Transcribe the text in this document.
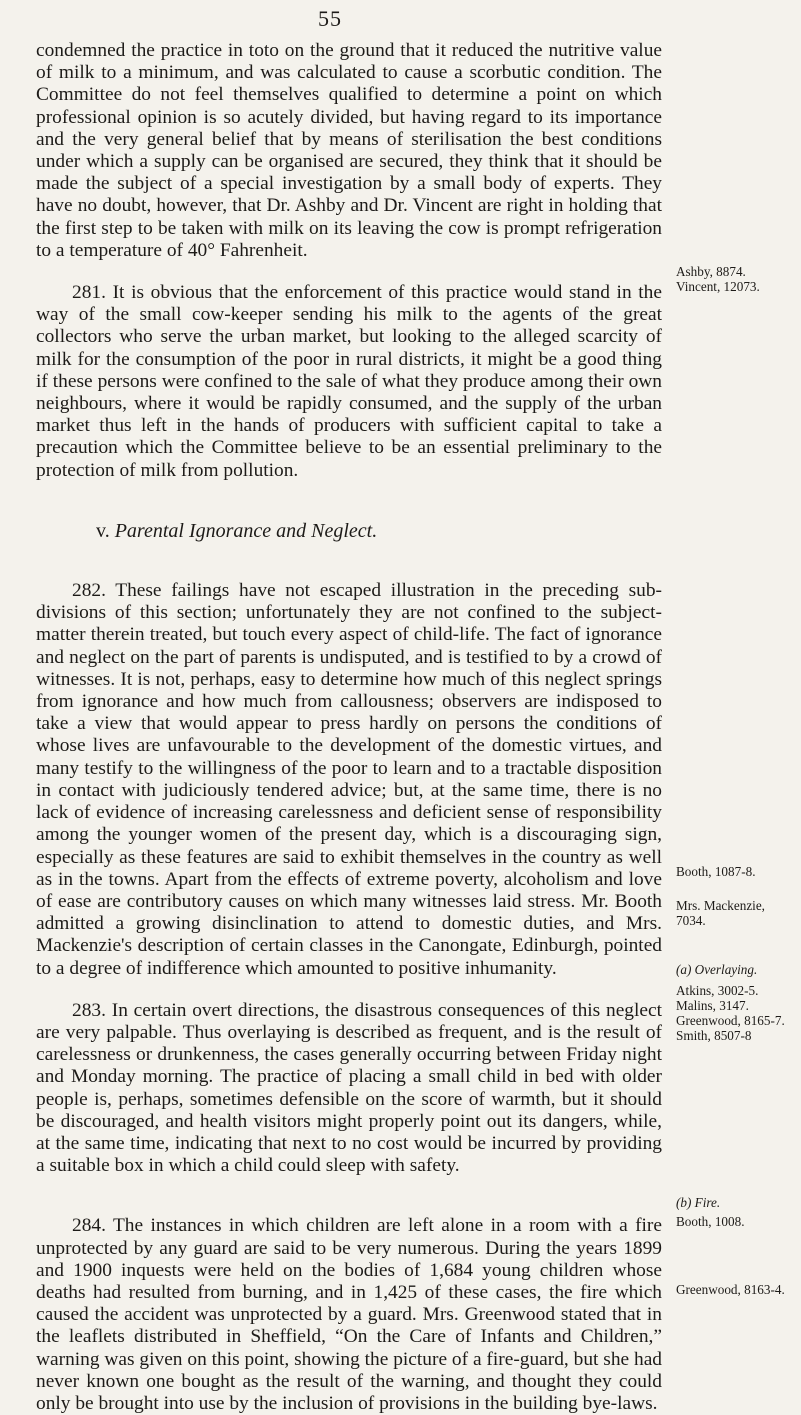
55

condemned the practice in toto on the ground that it reduced the nutritive value of milk to a minimum, and was calculated to cause a scorbutic condition. The Committee do not feel themselves qualified to determine a point on which professional opinion is so acutely divided, but having regard to its importance and the very general belief that by means of sterilisation the best conditions under which a supply can be organised are secured, they think that it should be made the subject of a special investigation by a small body of experts. They have no doubt, however, that Dr. Ashby and Dr. Vincent are right in holding that the first step to be taken with milk on its leaving the cow is prompt refrigeration to a temperature of 40° Fahrenheit.

281. It is obvious that the enforcement of this practice would stand in the way of the small cow-keeper sending his milk to the agents of the great collectors who serve the urban market, but looking to the alleged scarcity of milk for the consumption of the poor in rural districts, it might be a good thing if these persons were confined to the sale of what they produce among their own neighbours, where it would be rapidly consumed, and the supply of the urban market thus left in the hands of producers with sufficient capital to take a precaution which the Committee believe to be an essential preliminary to the protection of milk from pollution.

v. Parental Ignorance and Neglect.

282. These failings have not escaped illustration in the preceding sub-divisions of this section; unfortunately they are not confined to the subject-matter therein treated, but touch every aspect of child-life. The fact of ignorance and neglect on the part of parents is undisputed, and is testified to by a crowd of witnesses. It is not, perhaps, easy to determine how much of this neglect springs from ignorance and how much from callousness; observers are indisposed to take a view that would appear to press hardly on persons the conditions of whose lives are unfavourable to the development of the domestic virtues, and many testify to the willingness of the poor to learn and to a tractable disposition in contact with judiciously tendered advice; but, at the same time, there is no lack of evidence of increasing carelessness and deficient sense of responsibility among the younger women of the present day, which is a discouraging sign, especially as these features are said to exhibit themselves in the country as well as in the towns. Apart from the effects of extreme poverty, alcoholism and love of ease are contributory causes on which many witnesses laid stress. Mr. Booth admitted a growing disinclination to attend to domestic duties, and Mrs. Mackenzie's description of certain classes in the Canongate, Edinburgh, pointed to a degree of indifference which amounted to positive inhumanity.

283. In certain overt directions, the disastrous consequences of this neglect are very palpable. Thus overlaying is described as frequent, and is the result of carelessness or drunkenness, the cases generally occurring between Friday night and Monday morning. The practice of placing a small child in bed with older people is, perhaps, sometimes defensible on the score of warmth, but it should be discouraged, and health visitors might properly point out its dangers, while, at the same time, indicating that next to no cost would be incurred by providing a suitable box in which a child could sleep with safety.

284. The instances in which children are left alone in a room with a fire unprotected by any guard are said to be very numerous. During the years 1899 and 1900 inquests were held on the bodies of 1,684 young children whose deaths had resulted from burning, and in 1,425 of these cases, the fire which caused the accident was unprotected by a guard. Mrs. Greenwood stated that in the leaflets distributed in Sheffield, “On the Care of Infants and Children,” warning was given on this point, showing the picture of a fire-guard, but she had never known one bought as the result of the warning, and thought they could only be brought into use by the inclusion of provisions in the building bye-laws.

Ashby, 8874.
Vincent, 12073.
Booth, 1087-8.
Mrs. Mackenzie,
7034.
(a) Overlaying.
Atkins, 3002-5.
Malins, 3147.
Greenwood, 8165-7.
Smith, 8507-8
(b) Fire.
Booth, 1008.
Greenwood, 8163-4.
